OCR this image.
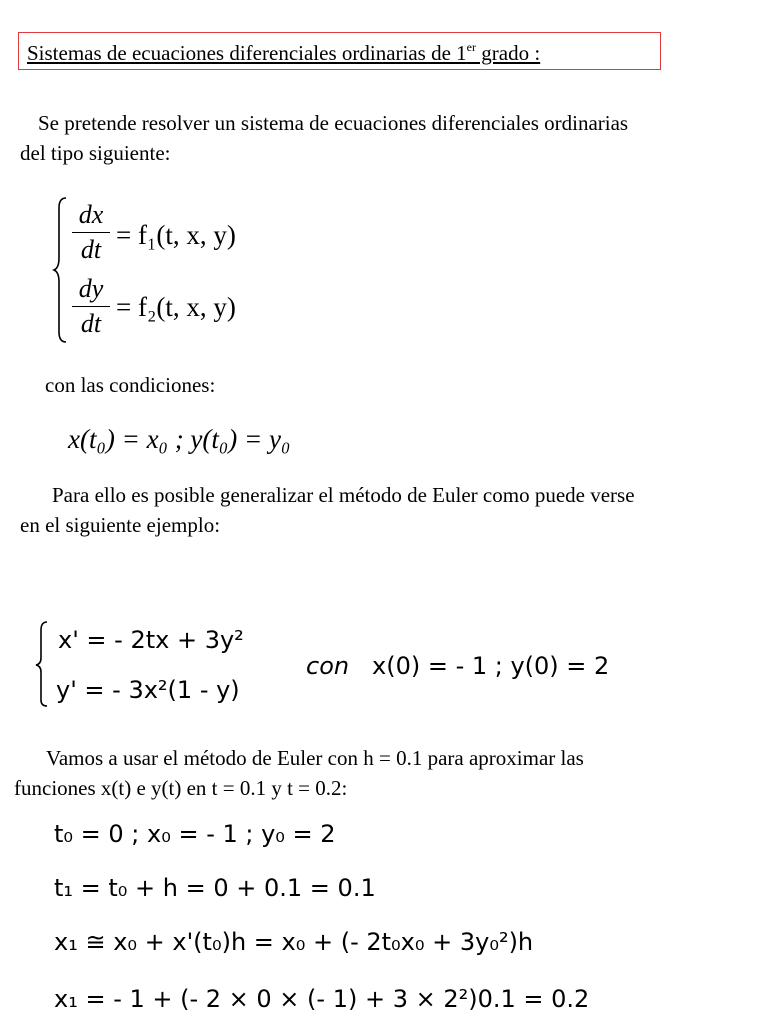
Sistemas de ecuaciones diferenciales ordinarias de 1er grado :
Se pretende resolver un sistema de ecuaciones diferenciales ordinarias
del tipo siguiente:
dx
dt = f₁(t, x, y)
dy
dt
= f₂(t, x, y)
con las condiciones:
x(t₀) = x₀ ; y(t₀) = y₀
Para ello es posible generalizar el método de Euler como puede verse
en el siguiente ejemplo:
x' = - 2tx + 3y²
y' = - 3x²(1 - y)
con x(0) = - 1 ; y(0) = 2
Vamos a usar el método de Euler con h = 0.1 para aproximar las
funciones x(t) e y(t) en t = 0.1 y t = 0.2:
t₀ = 0 ; x₀ = - 1 ; y₀ = 2
t₁ = t₀ + h = 0 + 0.1 = 0.1
x₁ ≅ x₀ + x'(t₀)h = x₀ + (- 2t₀x₀ + 3y₀²)h
x₁ = - 1 + (- 2 × 0 × (- 1) + 3 × 2²)0.1 = 0.2
